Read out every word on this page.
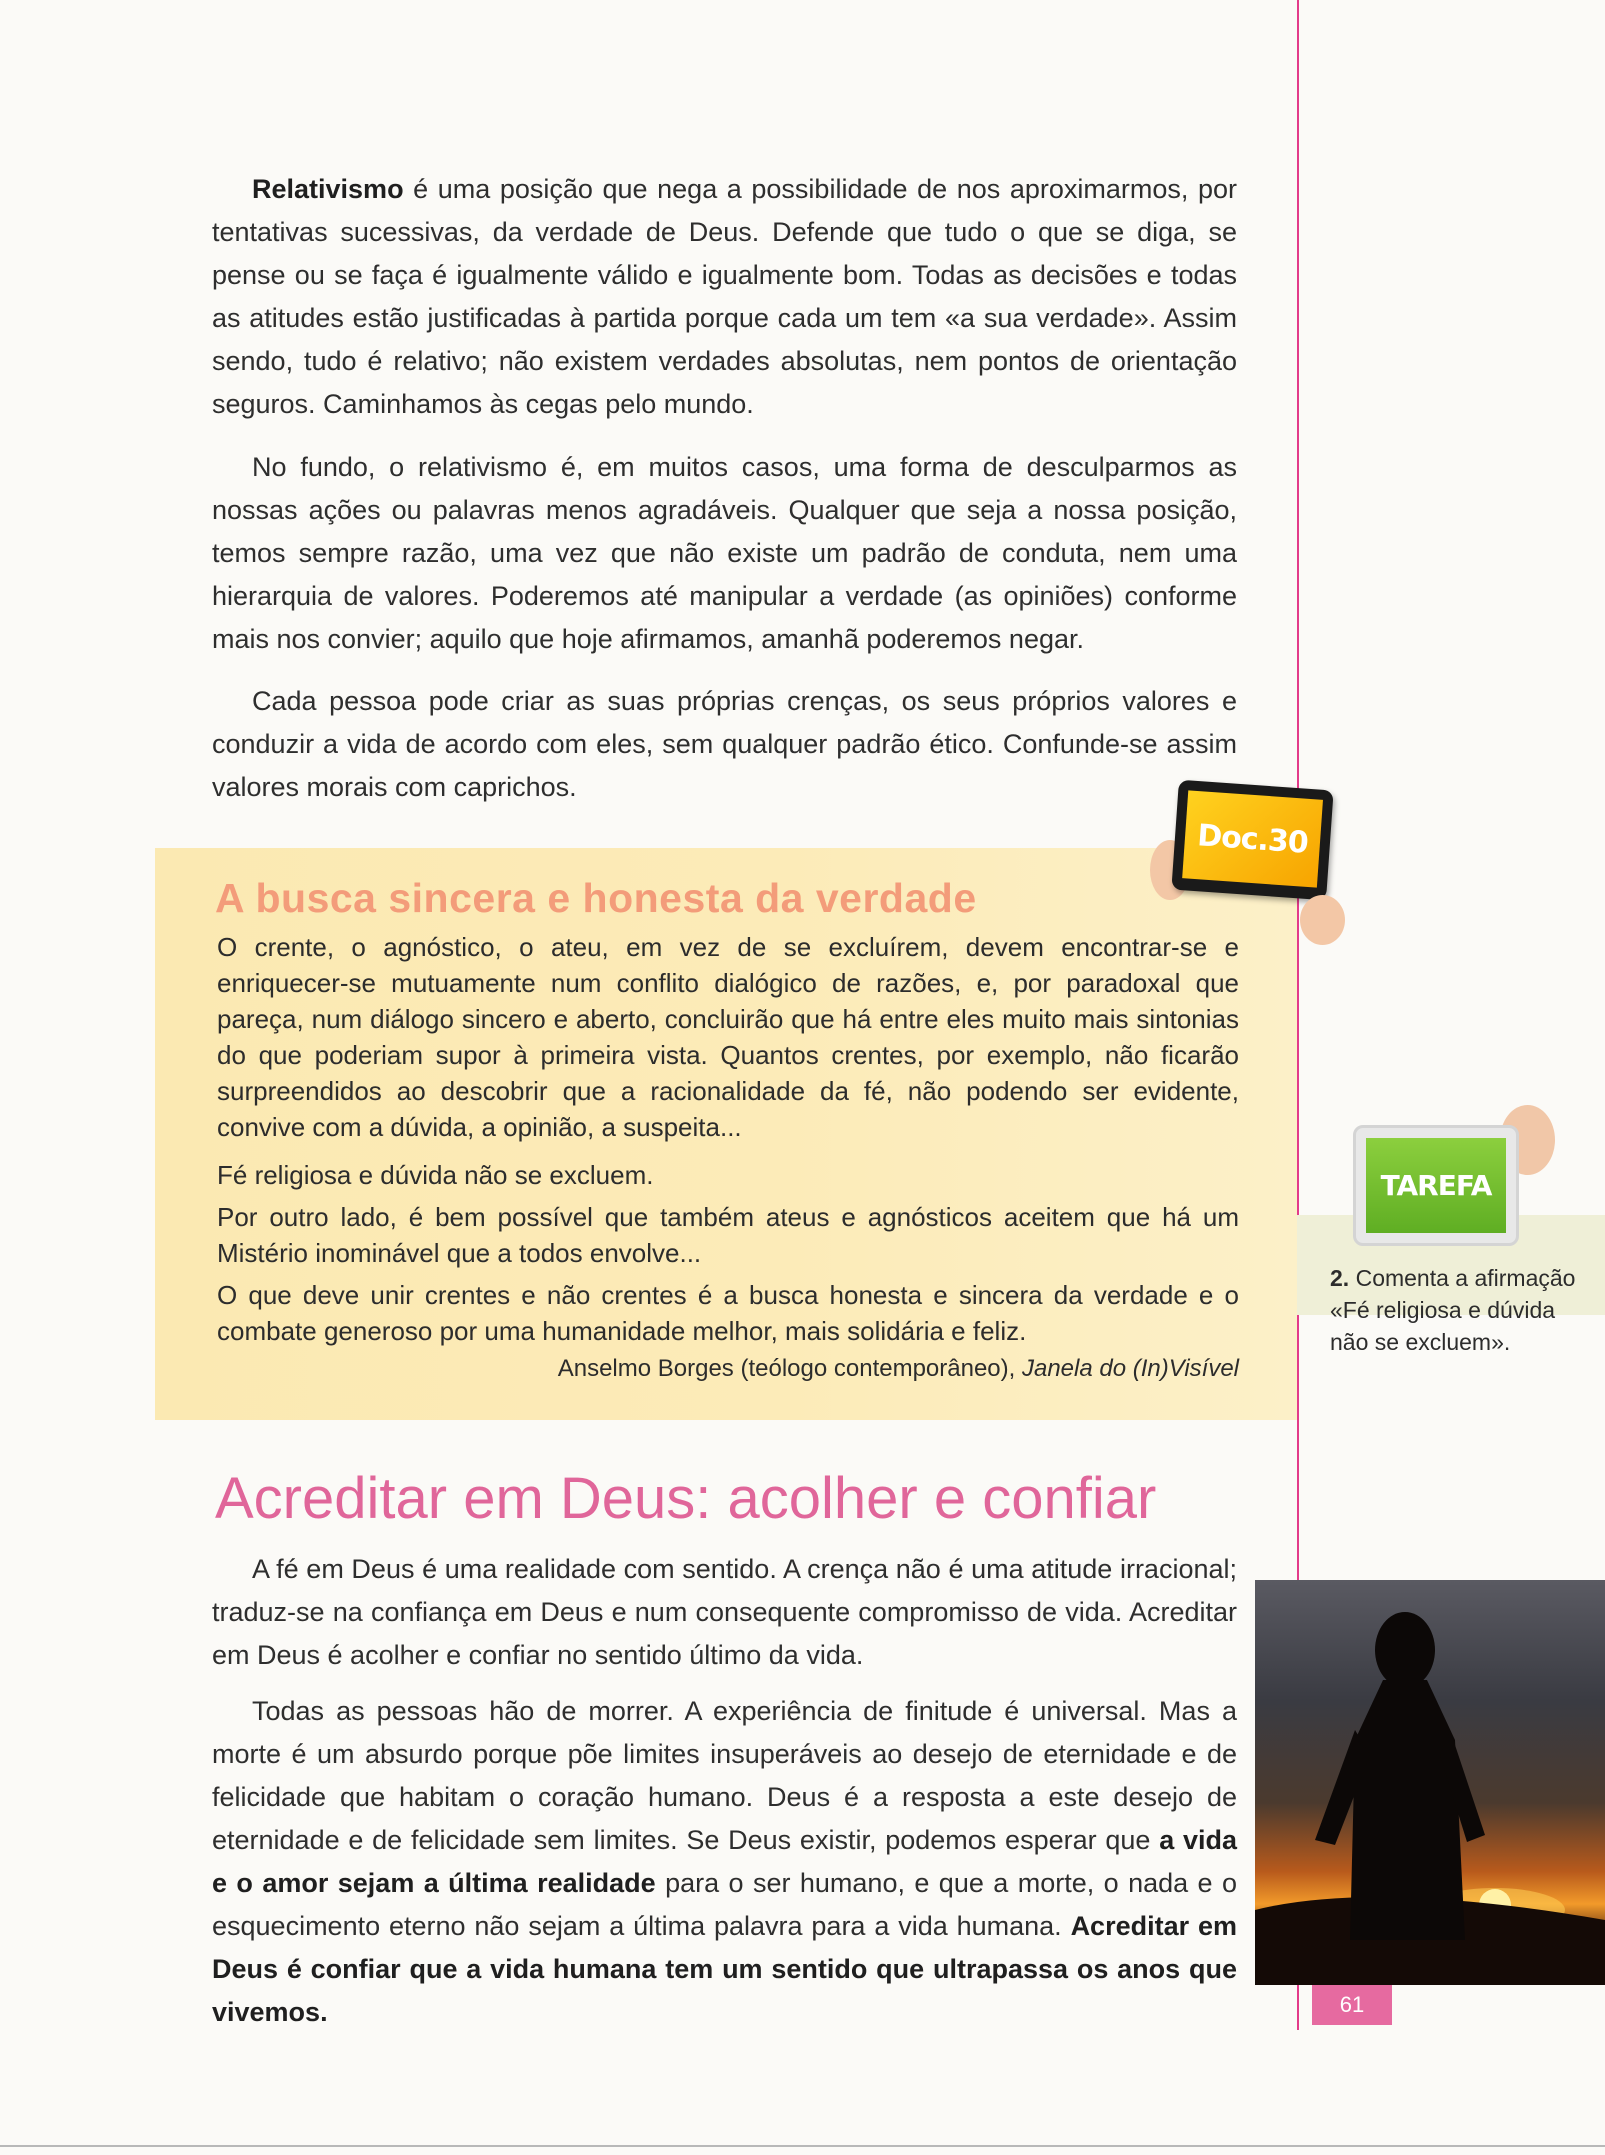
Relativismo é uma posição que nega a possibilidade de nos aproximarmos, por tentativas sucessivas, da verdade de Deus. Defende que tudo o que se diga, se pense ou se faça é igualmente válido e igualmente bom. Todas as decisões e todas as atitudes estão justificadas à partida porque cada um tem «a sua verdade». Assim sendo, tudo é relativo; não existem verdades absolutas, nem pontos de orientação seguros. Caminhamos às cegas pelo mundo.

No fundo, o relativismo é, em muitos casos, uma forma de desculparmos as nossas ações ou palavras menos agradáveis. Qualquer que seja a nossa posição, temos sempre razão, uma vez que não existe um padrão de conduta, nem uma hierarquia de valores. Poderemos até manipular a verdade (as opiniões) conforme mais nos convier; aquilo que hoje afirmamos, amanhã poderemos negar.

Cada pessoa pode criar as suas próprias crenças, os seus próprios valores e conduzir a vida de acordo com eles, sem qualquer padrão ético. Confunde-se assim valores morais com caprichos.

A busca sincera e honesta da verdade
Doc.30

O crente, o agnóstico, o ateu, em vez de se excluírem, devem encontrar-se e enriquecer-se mutuamente num conflito dialógico de razões, e, por paradoxal que pareça, num diálogo sincero e aberto, concluirão que há entre eles muito mais sintonias do que poderiam supor à primeira vista. Quantos crentes, por exemplo, não ficarão surpreendidos ao descobrir que a racionalidade da fé, não podendo ser evidente, convive com a dúvida, a opinião, a suspeita...

Fé religiosa e dúvida não se excluem.

Por outro lado, é bem possível que também ateus e agnósticos aceitem que há um Mistério inominável que a todos envolve...

O que deve unir crentes e não crentes é a busca honesta e sincera da verdade e o combate generoso por uma humanidade melhor, mais solidária e feliz.

Anselmo Borges (teólogo contemporâneo), Janela do (In)Visível

TAREFA

2. Comenta a afirmação «Fé religiosa e dúvida não se excluem».

Acreditar em Deus: acolher e confiar

A fé em Deus é uma realidade com sentido. A crença não é uma atitude irracional; traduz-se na confiança em Deus e num consequente compromisso de vida. Acreditar em Deus é acolher e confiar no sentido último da vida.

Todas as pessoas hão de morrer. A experiência de finitude é universal. Mas a morte é um absurdo porque põe limites insuperáveis ao desejo de eternidade e de felicidade que habitam o coração humano. Deus é a resposta a este desejo de eternidade e de felicidade sem limites. Se Deus existir, podemos esperar que a vida e o amor sejam a última realidade para o ser humano, e que a morte, o nada e o esquecimento eterno não sejam a última palavra para a vida humana. Acreditar em Deus é confiar que a vida humana tem um sentido que ultrapassa os anos que vivemos.	61
